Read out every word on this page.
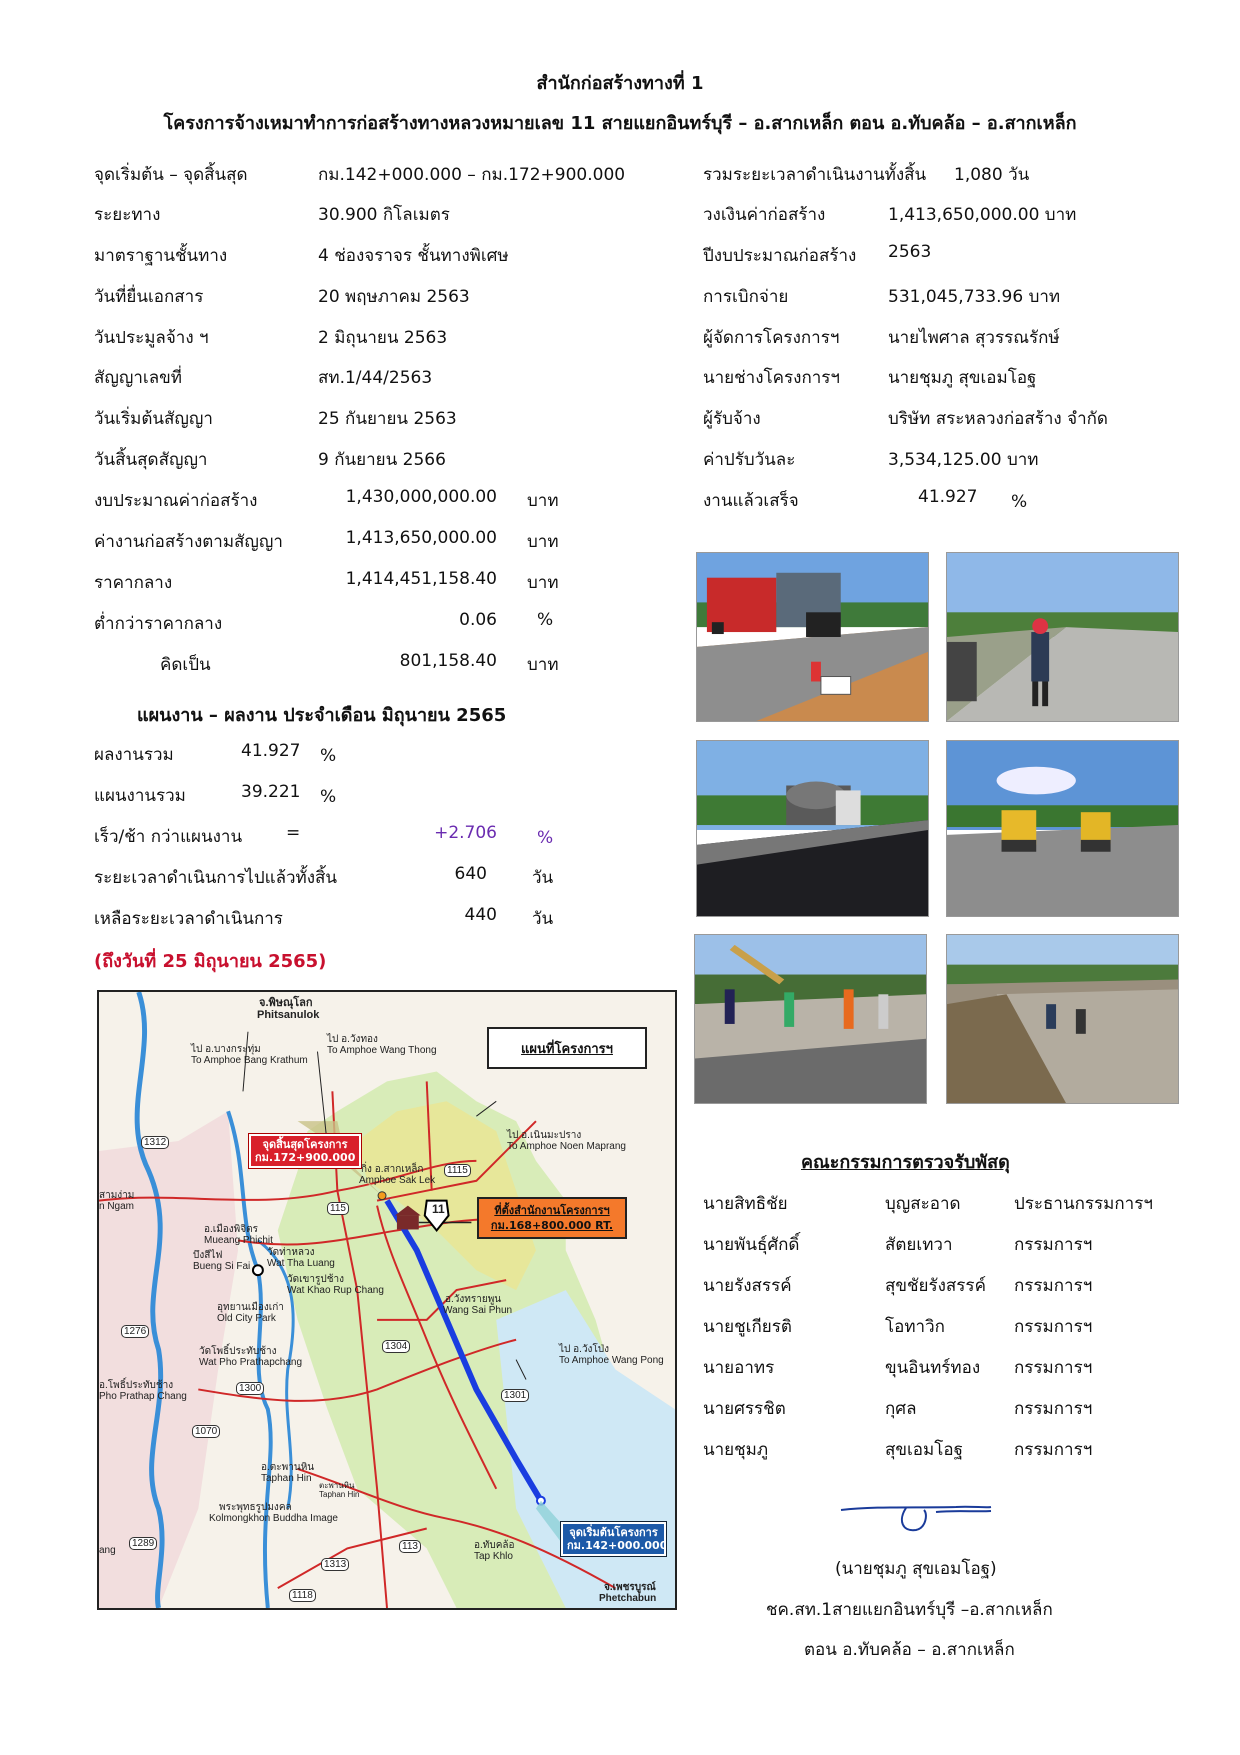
สำนักก่อสร้างทางที่ 1
โครงการจ้างเหมาทำการก่อสร้างทางหลวงหมายเลข 11 สายแยกอินทร์บุรี – อ.สากเหล็ก ตอน อ.ทับคล้อ – อ.สากเหล็ก
จุดเริ่มต้น – จุดสิ้นสุด	กม.142+000.000 – กม.172+900.000
ระยะทาง	30.900 กิโลเมตร
มาตราฐานชั้นทาง	4 ช่องจราจร ชั้นทางพิเศษ
วันที่ยื่นเอกสาร	20 พฤษภาคม 2563
วันประมูลจ้าง ฯ	2 มิถุนายน 2563
สัญญาเลขที่	สท.1/44/2563
วันเริ่มต้นสัญญา	25 กันยายน 2563
วันสิ้นสุดสัญญา	9 กันยายน 2566
งบประมาณค่าก่อสร้าง	1,430,000,000.00 บาท
ค่างานก่อสร้างตามสัญญา	1,413,650,000.00 บาท
ราคากลาง	1,414,451,158.40 บาท
ต่ำกว่าราคากลาง	0.06 %
คิดเป็น	801,158.40 บาท
รวมระยะเวลาดำเนินงานทั้งสิ้น 1,080 วัน
วงเงินค่าก่อสร้าง	1,413,650,000.00 บาท
ปีงบประมาณก่อสร้าง 2563
การเบิกจ่าย	531,045,733.96 บาท
ผู้จัดการโครงการฯ	นายไพศาล สุวรรณรักษ์
นายช่างโครงการฯ	นายชุมภู สุขเอมโอฐ
ผู้รับจ้าง	บริษัท สระหลวงก่อสร้าง จำกัด
ค่าปรับวันละ	3,534,125.00 บาท
งานแล้วเสร็จ	41.927 %
แผนงาน – ผลงาน ประจำเดือน มิถุนายน 2565
ผลงานรวม	41.927 %
แผนงานรวม	39.221 %
เร็ว/ช้า กว่าแผนงาน	=	+2.706 %
ระยะเวลาดำเนินการไปแล้วทั้งสิ้น	640	วัน
เหลือระยะเวลาดำเนินการ	440 วัน
(ถึงวันที่ 25 มิถุนายน 2565)
แผนที่โครงการฯ
จุดสิ้นสุดโครงการ
กม.172+900.000
จุดเริ่มต้นโครงการ
กม.142+000.000
ที่ตั้งสำนักงานโครงการฯ
กม.168+800.000 RT.
จ.พิษณุโลก
Phitsanulok
ไป อ.บางกระทุ่ม
To Amphoe Bang Krathum
ไป อ.วังทอง
To Amphoe Wang Thong
ไป อ.เนินมะปราง
To Amphoe Noen Maprang
กิ่ง อ.สากเหล็ก
Amphoe Sak Lek
อ.เมืองพิจิตร
Mueang Phichit
บึงสีไฟ
Bueng Si Fai
วัดท่าหลวง
Wat Tha Luang
วัดเขารูปช้าง
Wat Khao Rup Chang
อุทยานเมืองเก่า
Old City Park
วัดโพธิ์ประทับช้าง
Wat Pho Prathapchang
อ.วังทรายพูน
Wang Sai Phun
ไป อ.วังโป่ง
To Amphoe Wang Pong
อ.โพธิ์ประทับช้าง
Pho Prathap Chang
อ.ตะพานหิน
Taphan Hin
ตะพานหิน
Taphan Hin
พระพุทธรูปมงคล
Kolmongkhon Buddha Image
อ.ทับคล้อ
Tap Khlo
จ.เพชรบูรณ์
Phetchabun
สามง่าม
n Ngam
ang
1312
1115
115	11
1276
1304
1300
1301
1070
113
1289
1313
1118
คณะกรรมการตรวจรับพัสดุ
นายสิทธิชัย	บุญสะอาด	ประธานกรรมการฯ
นายพันธุ์ศักดิ์	สัตยเทวา	กรรมการฯ
นายรังสรรค์	สุขชัยรังสรรค์ กรรมการฯ
นายชูเกียรติ	โอทาวิก	กรรมการฯ
นายอาทร	ขุนอินทร์ทอง กรรมการฯ
นายศรรชิต	กุศล	กรรมการฯ
นายชุมภู	สุขเอมโอฐ	กรรมการฯ
(นายชุมภู สุขเอมโอฐ)
ชค.สท.1สายแยกอินทร์บุรี –อ.สากเหล็ก
ตอน อ.ทับคล้อ – อ.สากเหล็ก
